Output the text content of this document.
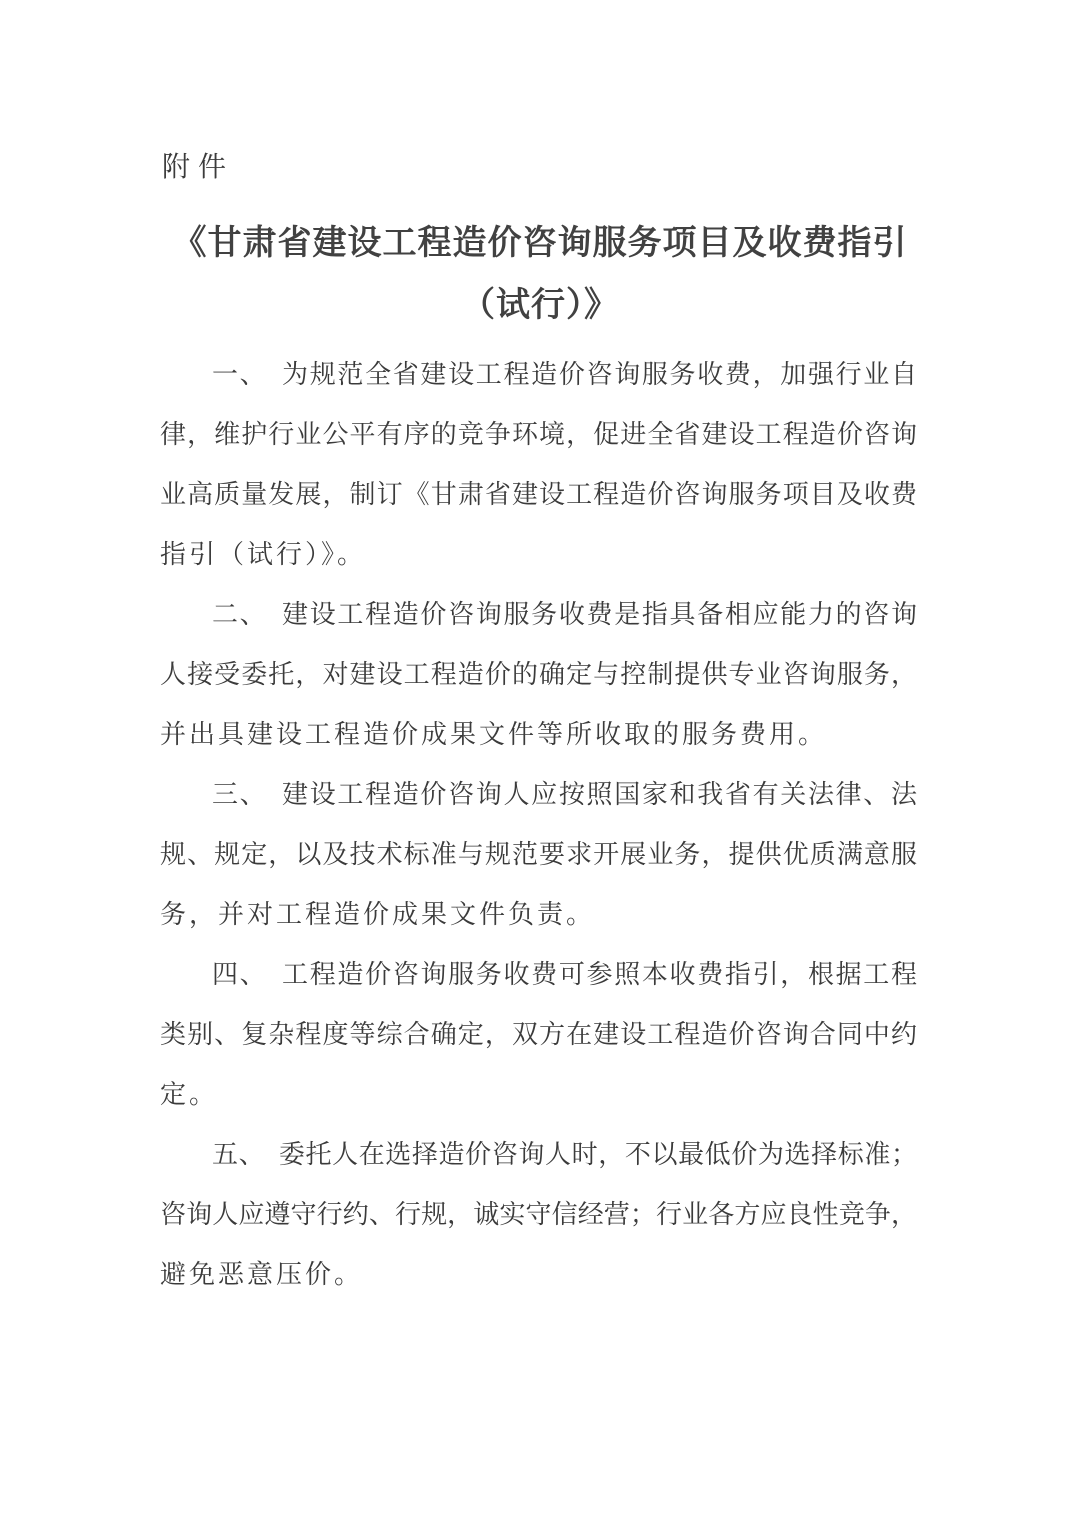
附件
《甘肃省建设工程造价咨询服务项目及收费指引
（试行）》
一、　为规范全省建设工程造价咨询服务收费，加强行业自
律，维护行业公平有序的竞争环境，促进全省建设工程造价咨询
业高质量发展，制订《甘肃省建设工程造价咨询服务项目及收费
指引（试行）》。
二、　建设工程造价咨询服务收费是指具备相应能力的咨询
人接受委托，对建设工程造价的确定与控制提供专业咨询服务，
并出具建设工程造价成果文件等所收取的服务费用。
三、　建设工程造价咨询人应按照国家和我省有关法律、法
规、规定，以及技术标准与规范要求开展业务，提供优质满意服
务，并对工程造价成果文件负责。
四、　工程造价咨询服务收费可参照本收费指引，根据工程
类别、复杂程度等综合确定，双方在建设工程造价咨询合同中约
定。
五、　委托人在选择造价咨询人时，不以最低价为选择标准；
咨询人应遵守行约、行规，诚实守信经营；行业各方应良性竞争，
避免恶意压价。
